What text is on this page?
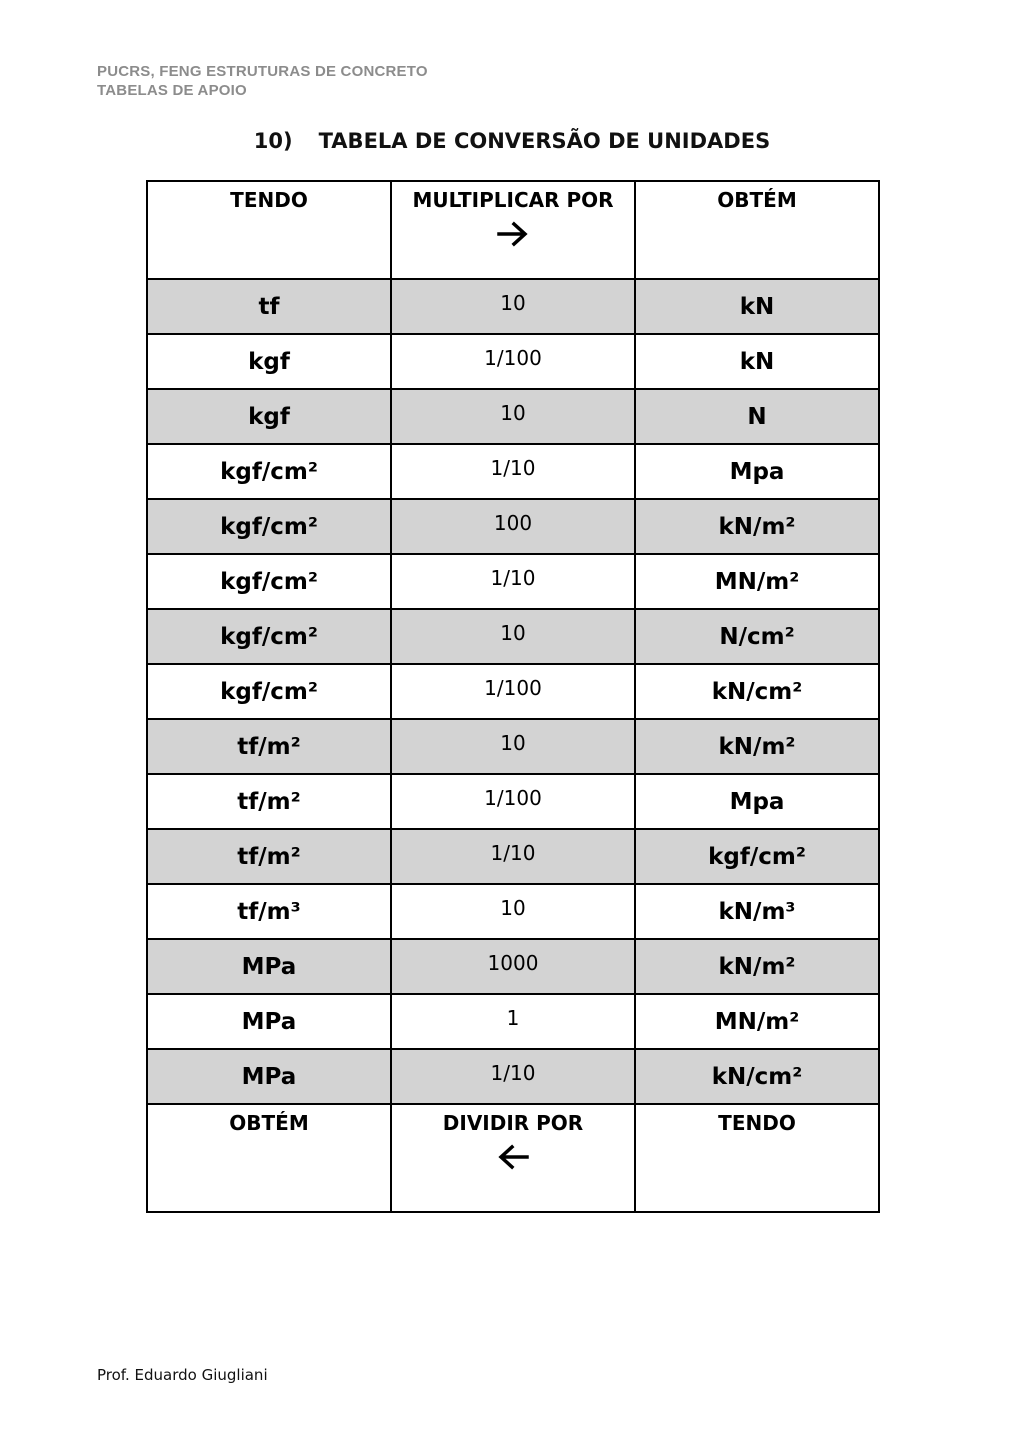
PUCRS, FENG ESTRUTURAS DE CONCRETO
TABELAS DE APOIO
10) TABELA DE CONVERSÃO DE UNIDADES
TENDO	MULTIPLICAR POR	OBTÉM

tf	10	kN
kgf	1/100	kN
kgf	10	N
kgf/cm²	1/10	Mpa
kgf/cm²	100	kN/m²
kgf/cm²	1/10	MN/m²
kgf/cm²	10	N/cm²
kgf/cm²	1/100	kN/cm²
tf/m²	10	kN/m²
tf/m²	1/100	Mpa
tf/m²	1/10	kgf/cm²
tf/m³	10	kN/m³
MPa	1000	kN/m²
MPa	1	MN/m²
MPa	1/10	kN/cm²

OBTÉM	DIVIDIR POR	TENDO
Prof. Eduardo Giugliani
